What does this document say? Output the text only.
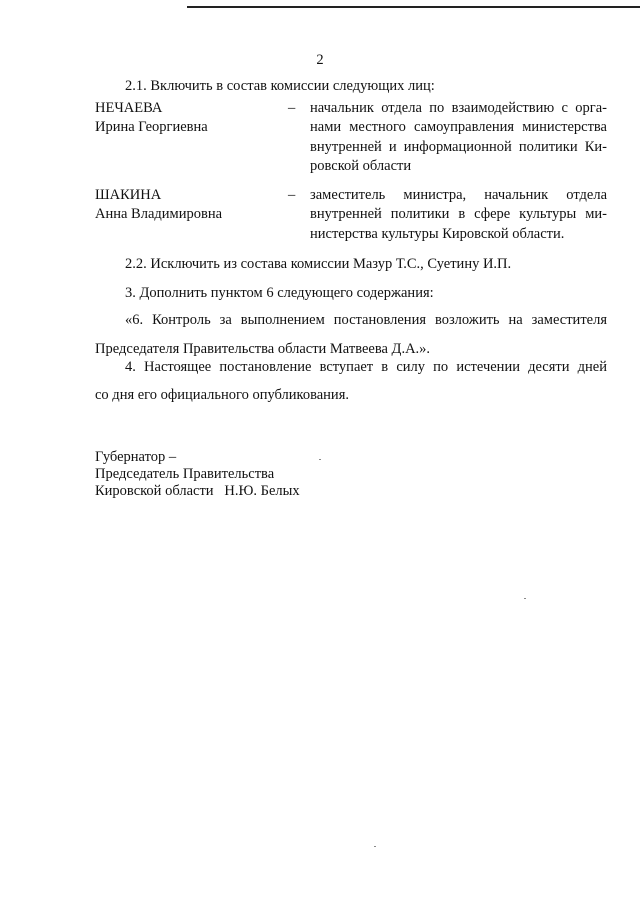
2

2.1. Включить в состав комиссии следующих лиц:

НЕЧАЕВА
Ирина Георгиевна
– начальник отдела по взаимодействию с орга-
нами местного самоуправления министерства
внутренней и информационной политики Ки-
ровской области
ШАКИНА
Анна Владимировна
– заместитель министра, начальник отдела
внутренней политики в сфере культуры ми-
нистерства культуры Кировской области.

2.2. Исключить из состава комиссии Мазур Т.С., Суетину И.П.

3. Дополнить пунктом 6 следующего содержания:

«6. Контроль за выполнением постановления возложить на заместителя

Председателя Правительства области Матвеева Д.А.».

4. Настоящее постановление вступает в силу по истечении десяти дней

со дня его официального опубликования.

Губернатор –
Председатель Правительства
Кировской области   Н.Ю. Белых
